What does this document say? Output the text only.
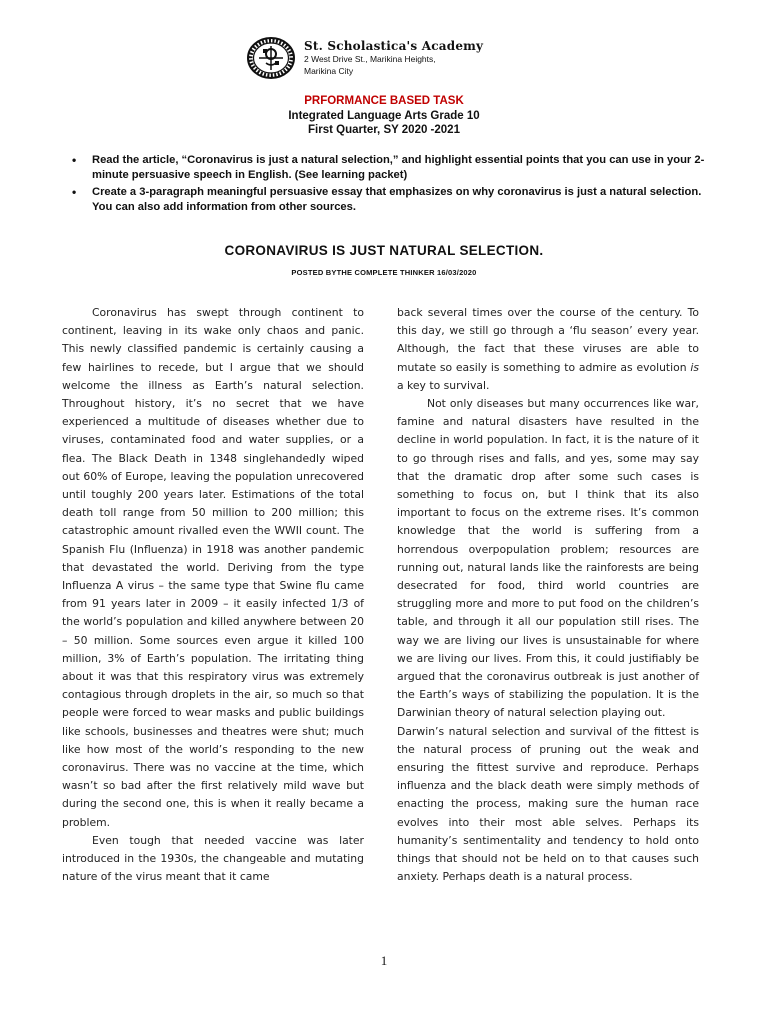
St. Scholastica's Academy
2 West Drive St., Marikina Heights,
Marikina City
PRFORMANCE BASED TASK
Integrated Language Arts Grade 10
First Quarter, SY 2020 -2021
• Read the article, “Coronavirus is just a natural selection,” and highlight essential points that you can use in your 2-minute persuasive speech in English. (See learning packet)
• Create a 3-paragraph meaningful persuasive essay that emphasizes on why coronavirus is just a natural selection. You can also add information from other sources.
CORONAVIRUS IS JUST NATURAL SELECTION.
POSTED BYTHE COMPLETE THINKER 16/03/2020

Coronavirus has swept through continent to continent, leaving in its wake only chaos and panic. This newly classified pandemic is certainly causing a few hairlines to recede, but I argue that we should welcome the illness as Earth’s natural selection. Throughout history, it’s no secret that we have experienced a multitude of diseases whether due to viruses, contaminated food and water supplies, or a flea. The Black Death in 1348 singlehandedly wiped out 60% of Europe, leaving the population unrecovered until toughly 200 years later. Estimations of the total death toll range from 50 million to 200 million; this catastrophic amount rivalled even the WWII count. The Spanish Flu (Influenza) in 1918 was another pandemic that devastated the world. Deriving from the type Influenza A virus – the same type that Swine flu came from 91 years later in 2009 – it easily infected 1/3 of the world’s population and killed anywhere between 20 – 50 million. Some sources even argue it killed 100 million, 3% of Earth’s population. The irritating thing about it was that this respiratory virus was extremely contagious through droplets in the air, so much so that people were forced to wear masks and public buildings like schools, businesses and theatres were shut; much like how most of the world’s responding to the new coronavirus. There was no vaccine at the time, which wasn’t so bad after the first relatively mild wave but during the second one, this is when it really became a problem.

Even tough that needed vaccine was later introduced in the 1930s, the changeable and mutating nature of the virus meant that it came

back several times over the course of the century. To this day, we still go through a ‘flu season’ every year. Although, the fact that these viruses are able to mutate so easily is something to admire as evolution is a key to survival.

Not only diseases but many occurrences like war, famine and natural disasters have resulted in the decline in world population. In fact, it is the nature of it to go through rises and falls, and yes, some may say that the dramatic drop after some such cases is something to focus on, but I think that its also important to focus on the extreme rises. It’s common knowledge that the world is suffering from a horrendous overpopulation problem; resources are running out, natural lands like the rainforests are being desecrated for food, third world countries are struggling more and more to put food on the children’s table, and through it all our population still rises. The way we are living our lives is unsustainable for where we are living our lives. From this, it could justifiably be argued that the coronavirus outbreak is just another of the Earth’s ways of stabilizing the population. It is the Darwinian theory of natural selection playing out.

Darwin’s natural selection and survival of the fittest is the natural process of pruning out the weak and ensuring the fittest survive and reproduce. Perhaps influenza and the black death were simply methods of enacting the process, making sure the human race evolves into their most able selves. Perhaps its humanity’s sentimentality and tendency to hold onto things that should not be held on to that causes such anxiety. Perhaps death is a natural process.

1
